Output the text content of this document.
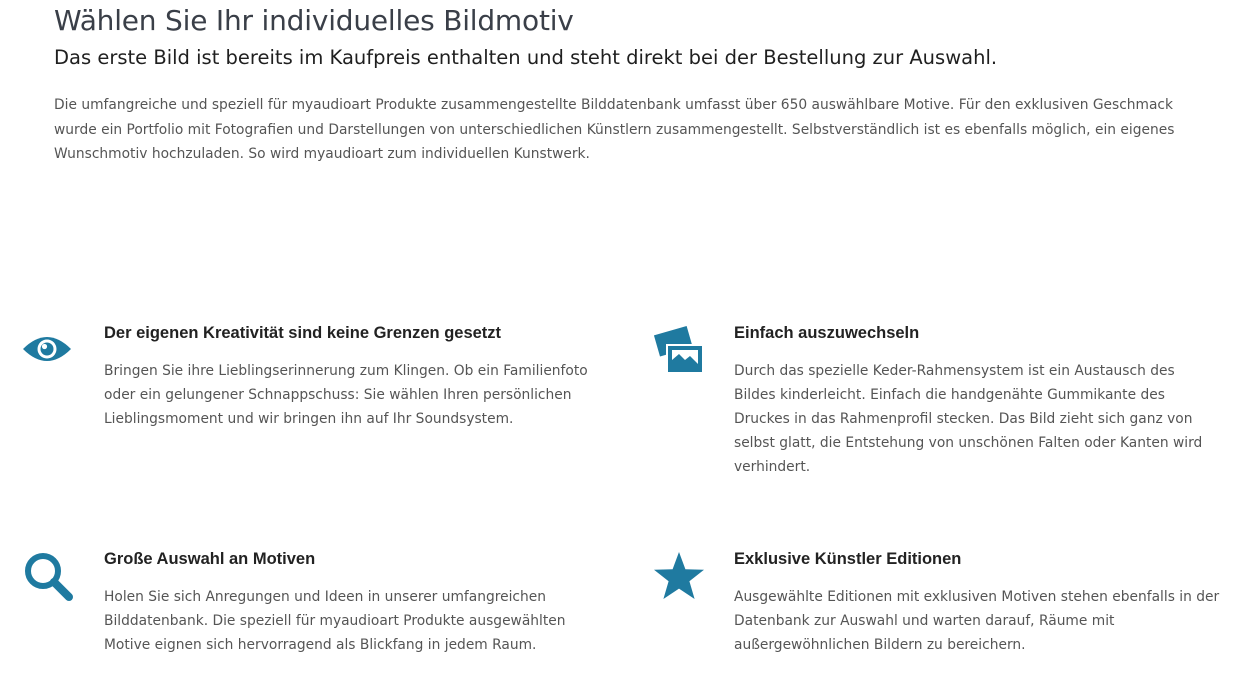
Wählen Sie Ihr individuelles Bildmotiv
Das erste Bild ist bereits im Kaufpreis enthalten und steht direkt bei der Bestellung zur Auswahl.

Die umfangreiche und speziell für myaudioart Produkte zusammengestellte Bilddatenbank umfasst über 650 auswählbare Motive. Für den exklusiven Geschmack wurde ein Portfolio mit Fotografien und Darstellungen von unterschiedlichen Künstlern zusammengestellt. Selbstverständlich ist es ebenfalls möglich, ein eigenes Wunschmotiv hochzuladen. So wird myaudioart zum individuellen Kunstwerk.

Der eigenen Kreativität sind keine Grenzen gesetzt

Bringen Sie ihre Lieblingserinnerung zum Klingen. Ob ein Familienfoto oder ein gelungener Schnappschuss: Sie wählen Ihren persönlichen Lieblingsmoment und wir bringen ihn auf Ihr Soundsystem.

Einfach auszuwechseln

Durch das spezielle Keder-Rahmensystem ist ein Austausch des Bildes kinderleicht. Einfach die handgenähte Gummikante des Druckes in das Rahmenprofil stecken. Das Bild zieht sich ganz von selbst glatt, die Entstehung von unschönen Falten oder Kanten wird verhindert.

Große Auswahl an Motiven

Holen Sie sich Anregungen und Ideen in unserer umfangreichen Bilddatenbank. Die speziell für myaudioart Produkte ausgewählten Motive eignen sich hervorragend als Blickfang in jedem Raum.

Exklusive Künstler Editionen

Ausgewählte Editionen mit exklusiven Motiven stehen ebenfalls in der Datenbank zur Auswahl und warten darauf, Räume mit außergewöhnlichen Bildern zu bereichern.
